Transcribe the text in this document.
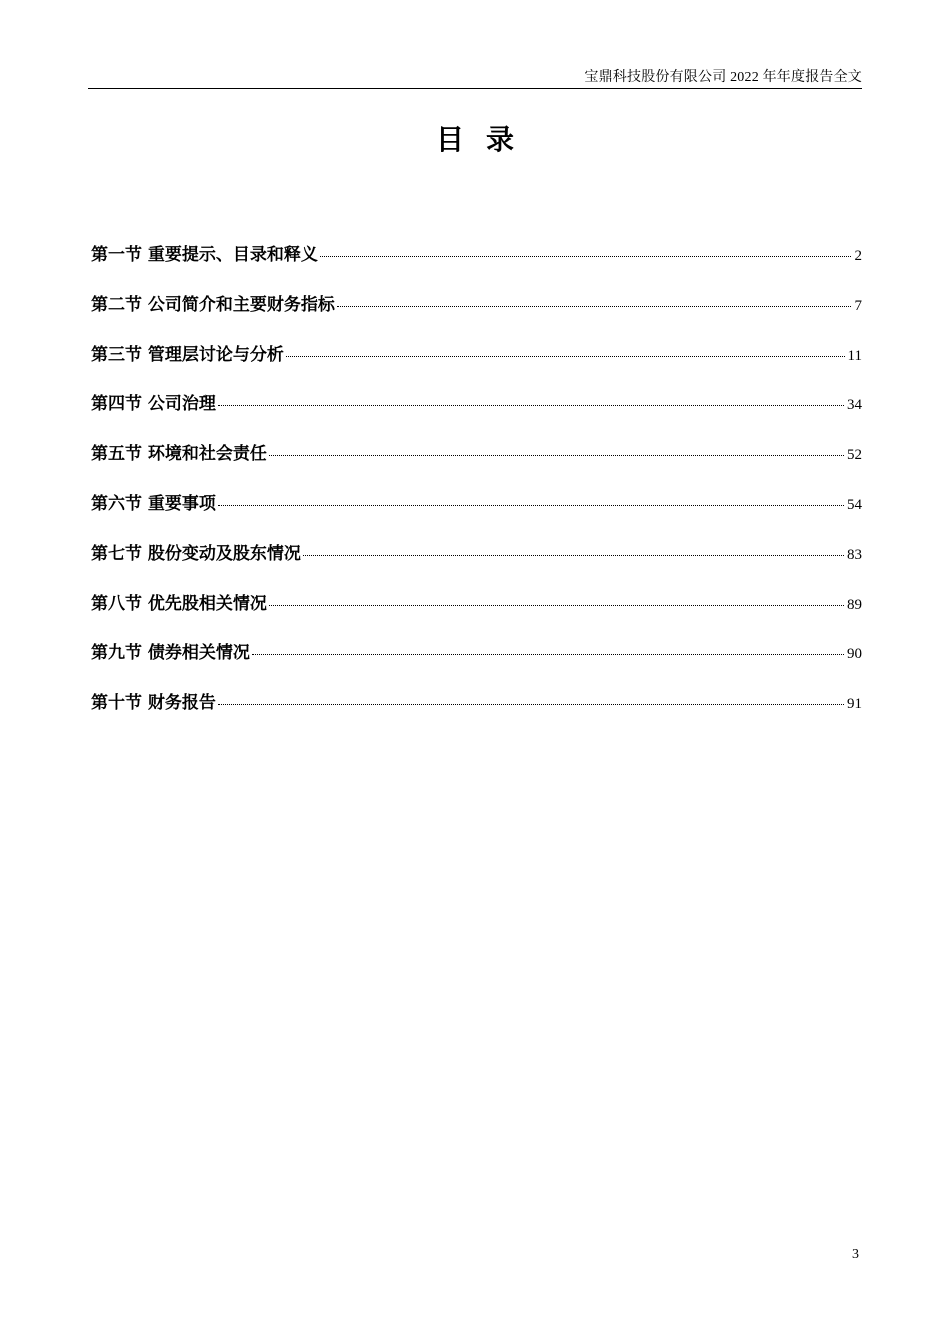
宝鼎科技股份有限公司 2022 年年度报告全文
目录
第一节 重要提示、目录和释义	2
第二节 公司简介和主要财务指标	7
第三节 管理层讨论与分析	11
第四节 公司治理	34
第五节 环境和社会责任	52
第六节 重要事项	54
第七节 股份变动及股东情况	83
第八节 优先股相关情况	89
第九节 债券相关情况	90
第十节 财务报告	91
3
